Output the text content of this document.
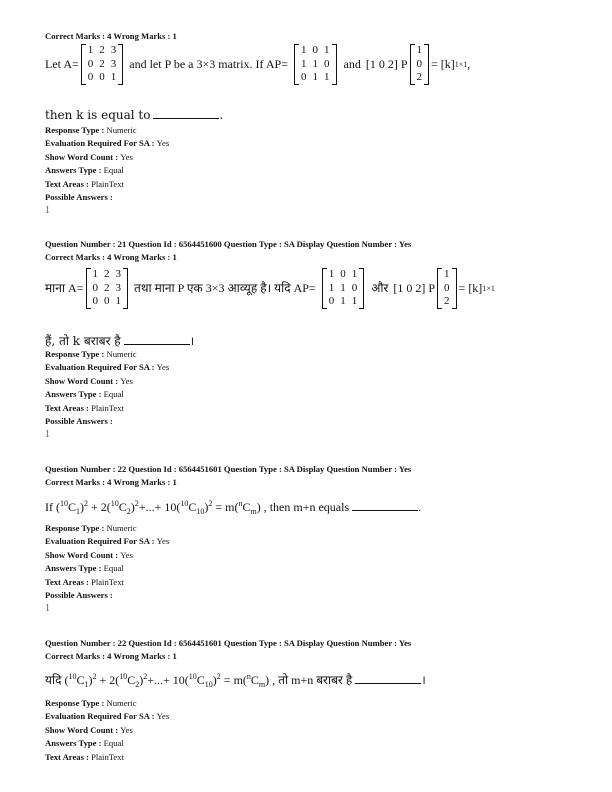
Correct Marks : 4 Wrong Marks : 1
Let A=
1	2	3
0	2	3
0	0	1
and let P be a 3×3 matrix. If AP=
1	0	1
1	1	0
0	1	1
and [1 0 2] P
1
0
2
= [k] 1×1 ,
then k is equal to	.
Response Type : Numeric
Evaluation Required For SA : Yes
Show Word Count : Yes
Answers Type : Equal
Text Areas : PlainText
Possible Answers :
1
Question Number : 21 Question Id : 6564451600 Question Type : SA Display Question Number : Yes
Correct Marks : 4 Wrong Marks : 1
माना A=
1	2	3
0	2	3
0	0	1
तथा माना P एक 3×3 आव्यूह है। यदि AP=
1	0	1
1	1	0
0	1	1
और [1 0 2] P
1
0
2
= [k] 1×1
हैं, तो k बराबर है	।
Response Type : Numeric
Evaluation Required For SA : Yes
Show Word Count : Yes
Answers Type : Equal
Text Areas : PlainText
Possible Answers :
1
Question Number : 22 Question Id : 6564451601 Question Type : SA Display Question Number : Yes
Correct Marks : 4 Wrong Marks : 1
If $(^{10}C_1)^2 + 2(^{10}C_2)^2+...+ 10(^{10}C_{10})^2 = m(^nC_m)$ , then m+n equals	.
Response Type : Numeric
Evaluation Required For SA : Yes
Show Word Count : Yes
Answers Type : Equal
Text Areas : PlainText
Possible Answers :
1
Question Number : 22 Question Id : 6564451601 Question Type : SA Display Question Number : Yes
Correct Marks : 4 Wrong Marks : 1
यदि $(^{10}C_1)^2 + 2(^{10}C_2)^2+...+ 10(^{10}C_{10})^2 = m(^nC_m)$ , तो m+n बराबर है	।
Response Type : Numeric
Evaluation Required For SA : Yes
Show Word Count : Yes
Answers Type : Equal
Text Areas : PlainText
